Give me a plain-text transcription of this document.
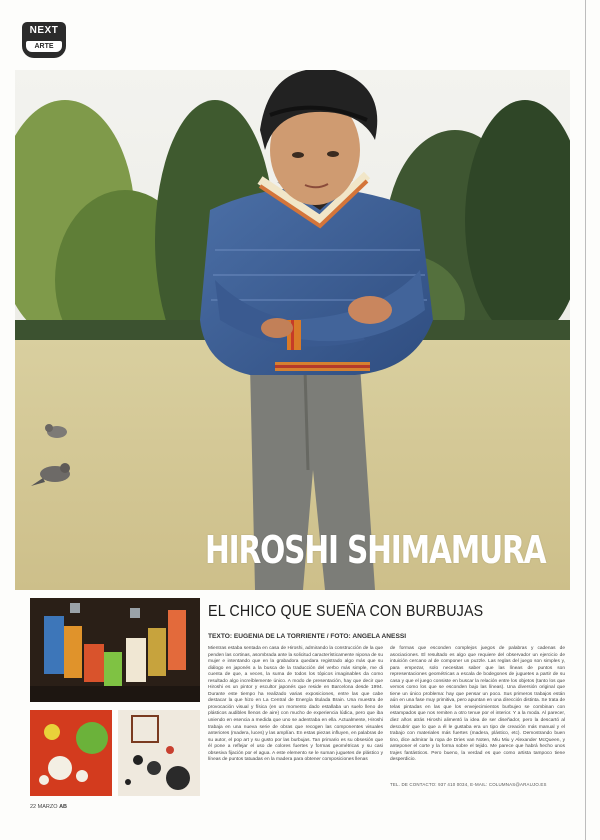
NEXT
ARTE
HIROSHI SHIMAMURA
EL CHICO QUE SUEÑA CON BURBUJAS
TEXTO: EUGENIA DE LA TORRIENTE / FOTO: ANGELA ANESSI

Mientras estaba sentada en casa de Hiroshi, admirando la construcción de la que penden las cortinas, asombrada ante la solicitud característicamente nipona de su mujer e intentando que en la grabadora quedara registrado algo más que su diálogo en japonés a la busca de la traducción del verbo más simple, me di cuenta de que, a veces, la suma de todos los tópicos imaginables da como resultado algo increíblemente único. A modo de presentación, hay que decir que Hiroshi es un pintor y escultor japonés que reside en Barcelona desde 1994. Durante este tiempo ha realizado varias exposiciones, entre las que cabe destacar la que hizo en La Central de Energía titulada Brain. Una muestra de provocación visual y física (en un momento dado estallaba un suelo lleno de plásticos audibles llenos de aire) con mucho de experiencia lúdica, pero que iba uniendo en esencia a medida que uno se adentraba en ella. Actualmente, Hiroshi trabaja en una nueva serie de obras que recogen las componentes visuales anteriores (madera, luces) y las amplían. En estas piezas influyen, en palabras de su autor, el pop art y su gusto por las burbujas. Tan primario es su obsesión que él pone a reflejar el uso de colores fuertes y formas geométricas y su casi obsesiva fijación por el agua. A este elemento se le suman juguetes de plástico y líneas de puntos tatuadas en la madera para obtener composiciones llenas

de formas que esconden complejos juegos de palabras y cadenas de asociaciones. El resultado es algo que requiere del observador un ejercicio de intuición cercano al de componer un puzzle. Las reglas del juego son simples y, para empezar, solo necesitas saber que las líneas de puntos son representaciones geométricas a escala de bodegones de juguetes a partir de su casa y que el juego consiste en buscar la relación entre los objetos (tanto los que vemos como los que se esconden bajo las líneas). Una diversión original que tiene un único problema: hay que pensar un poco. Sus primeros trabajos están aún en una fase muy primitiva, pero apuntan en una dirección distinta. Se trata de telas pintadas en las que los envejecimientos burbujeo se combinan con estampados que nos remiten a otro tenue por el interior. Y a la moda. Al parecer, diez años atrás Hiroshi alimentó la idea de ser diseñador, pero la descartó al descubrir que lo que a él le gustaba era un tipo de creación más manual y el trabajo con materiales más fuertes (madera, plástico, etc). Demostrando buen tino, dice admirar la ropa de Dries van Noten, Miu Miu y Alexander McQueen, y anteponer el corte y la forma sobre el tejido. Me parece que habrá hecho unos trajes fantásticos. Pero bueno, la verdad es que como artista tampoco tiene desperdicio.

TEL. DE CONTACTO: 937 410 0034, E-MAIL: COLUMNAS@ARAUJO.ES
22 MARZO AB
